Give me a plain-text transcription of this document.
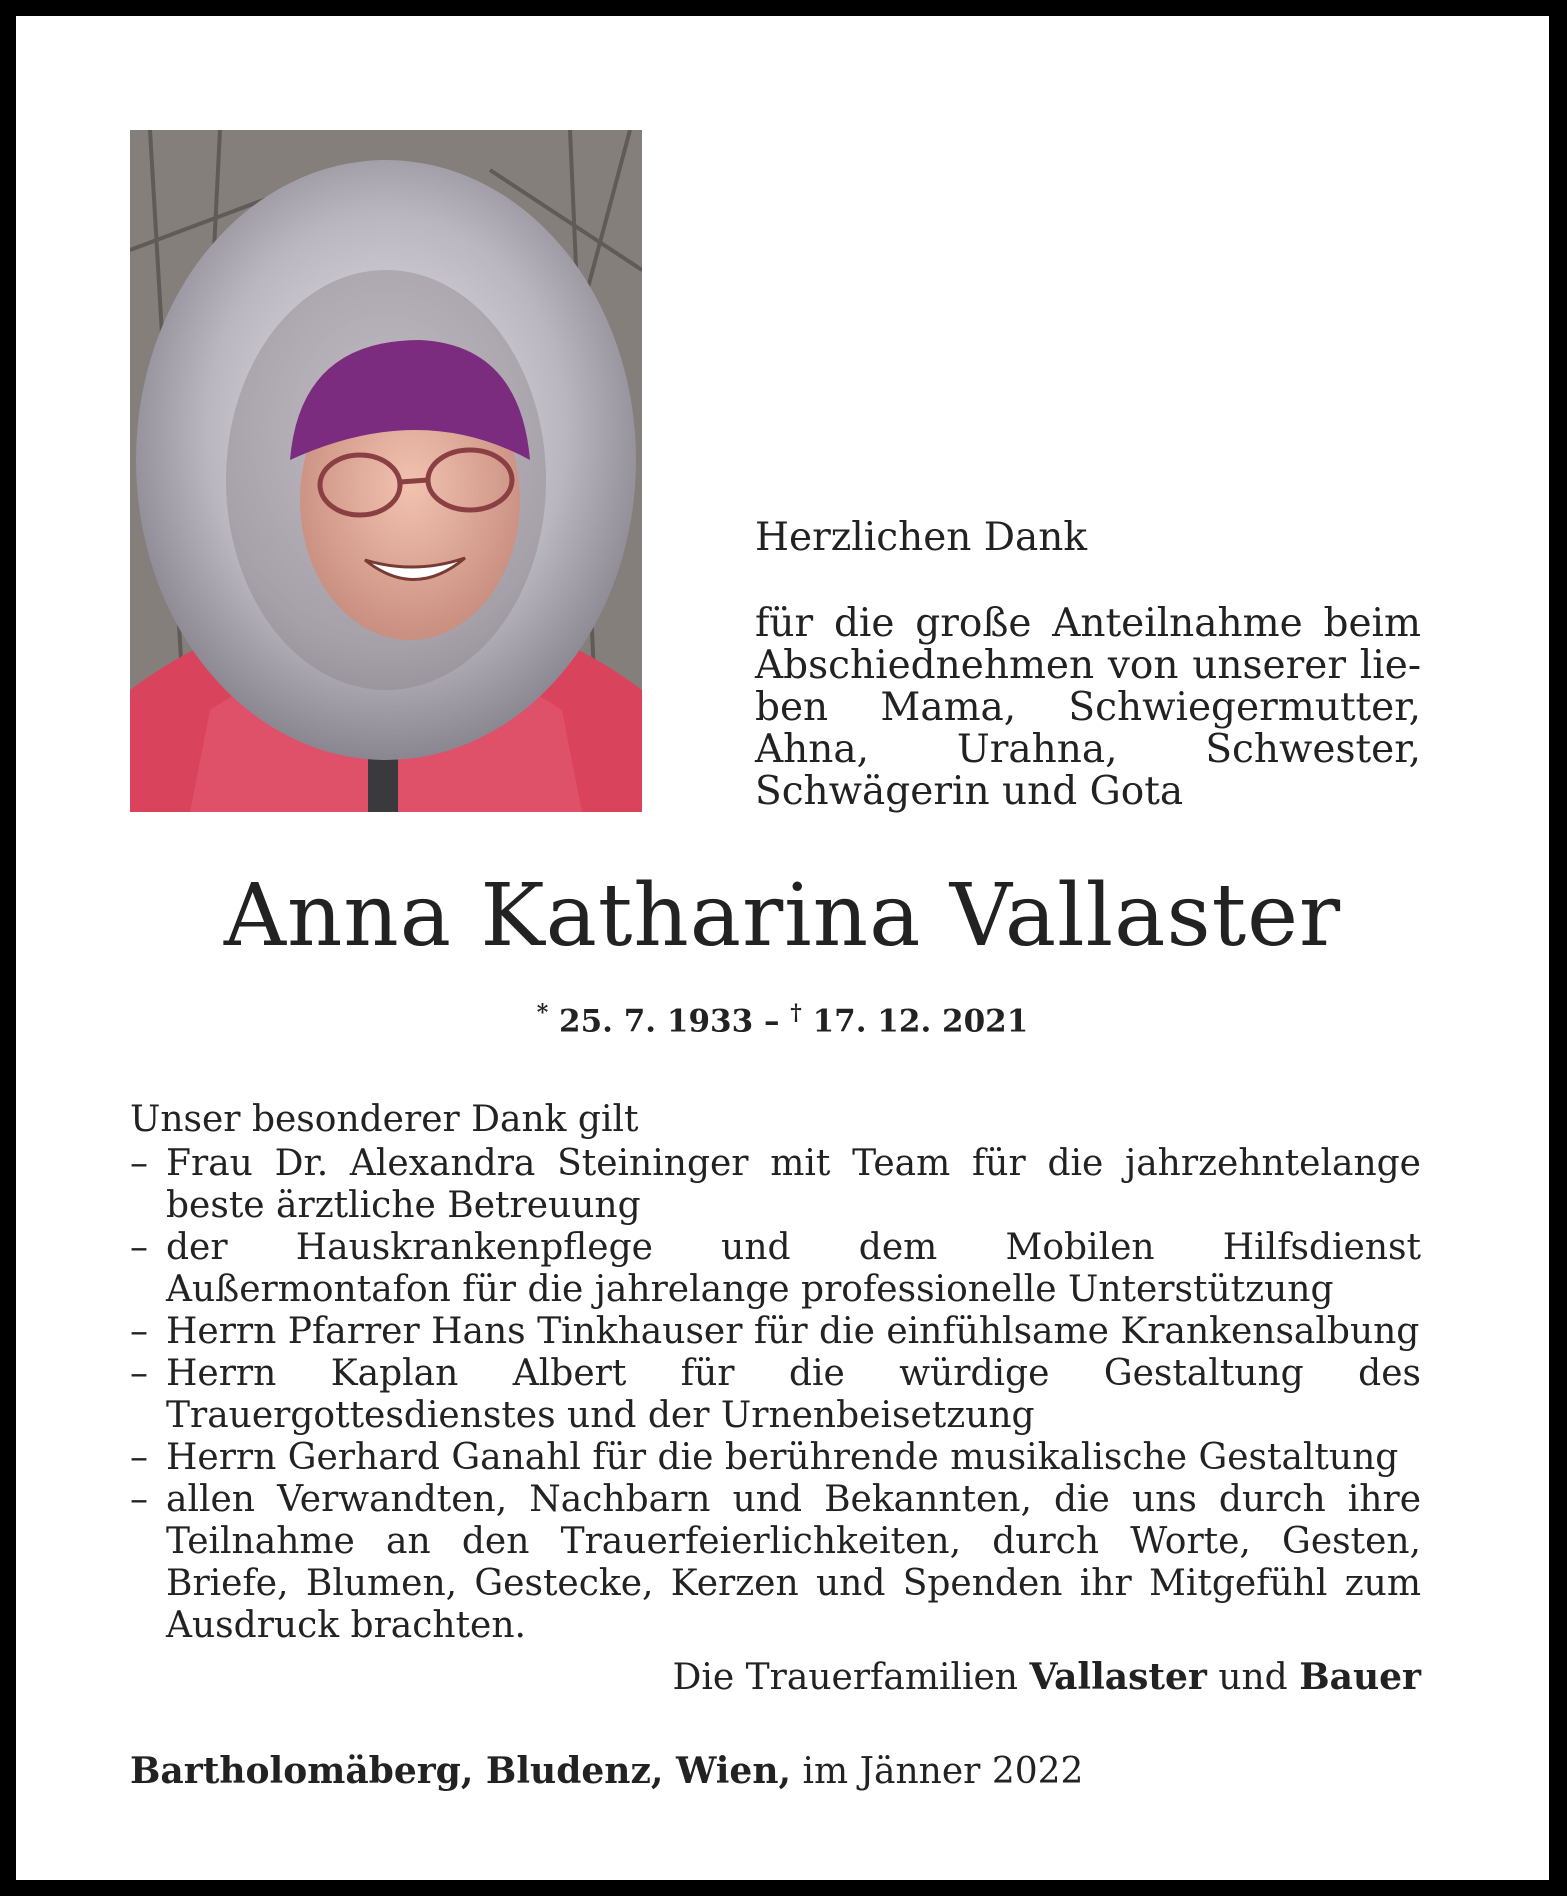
Herzlichen Dank

für die große Anteilnahme beim Abschiednehmen von unserer lieben Mama, Schwiegermutter, Ahna, Urahna, Schwester, Schwägerin und Gota

Anna Katharina Vallaster
* 25. 7. 1933 – † 17. 12. 2021

Unser besonderer Dank gilt

– Frau Dr. Alexandra Steininger mit Team für die jahrzehntelange beste ärztliche Betreuung
– der Hauskrankenpflege und dem Mobilen Hilfsdienst Außermontafon für die jahrelange professionelle Unterstützung
– Herrn Pfarrer Hans Tinkhauser für die einfühlsame Krankensalbung
– Herrn Kaplan Albert für die würdige Gestaltung des Trauergottesdienstes und der Urnenbeisetzung
– Herrn Gerhard Ganahl für die berührende musikalische Gestaltung
– allen Verwandten, Nachbarn und Bekannten, die uns durch ihre Teilnahme an den Trauerfeierlichkeiten, durch Worte, Gesten, Briefe, Blumen, Gestecke, Kerzen und Spenden ihr Mitgefühl zum Ausdruck brachten.
Die Trauerfamilien Vallaster und Bauer
Bartholomäberg, Bludenz, Wien, im Jänner 2022
